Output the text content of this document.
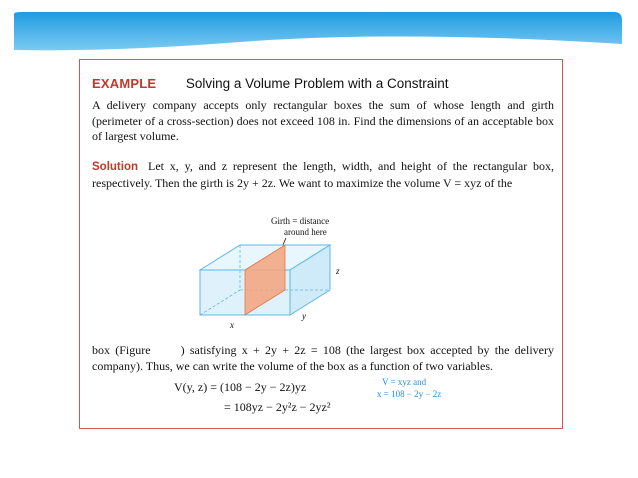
EXAMPLE Solving a Volume Problem with a Constraint
A delivery company accepts only rectangular boxes the sum of whose length and girth (perimeter of a cross-section) does not exceed 108 in. Find the dimensions of an acceptable box of largest volume.
Solution Let x, y, and z represent the length, width, and height of the rectangular box, respectively. Then the girth is 2y + 2z. We want to maximize the volume V = xyz of the
Girth = distance
around here
x
y
z
box (Figure	) satisfying x + 2y + 2z = 108 (the largest box accepted by the delivery company). Thus, we can write the volume of the box as a function of two variables.
V(y, z) = (108 − 2y − 2z)yz
= 108yz − 2y²z − 2yz²
V = xyz and
x = 108 − 2y − 2z
